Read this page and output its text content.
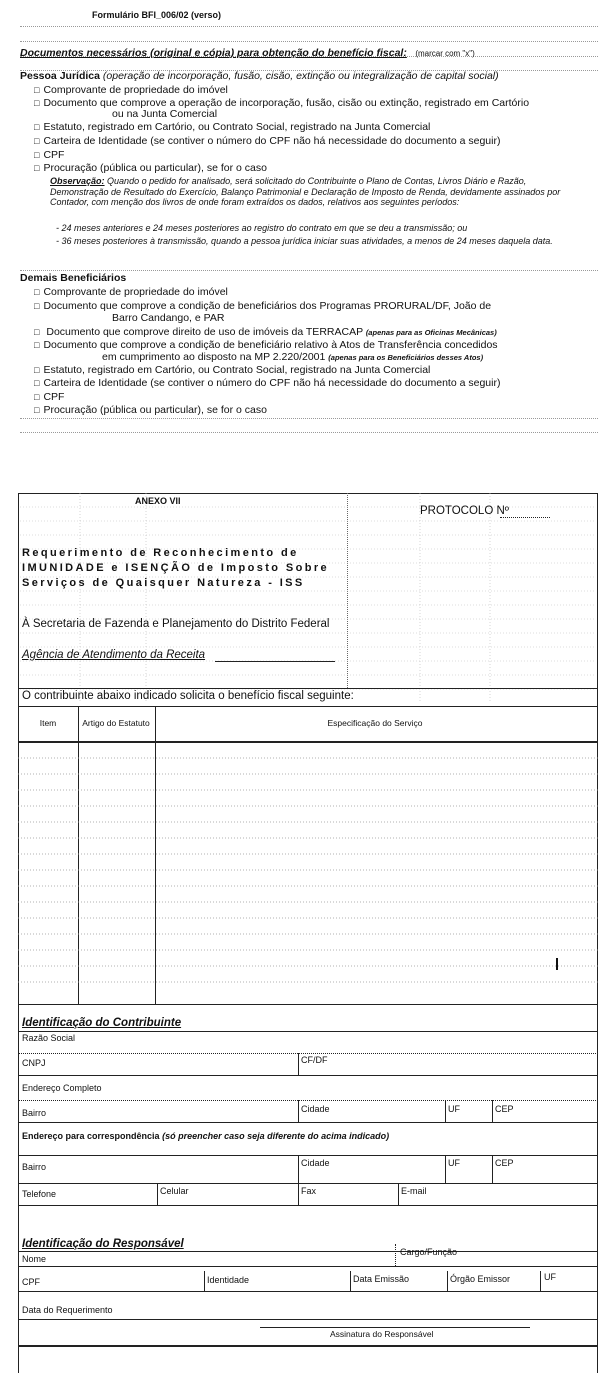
Formulário BFI_006/02 (verso)
Documentos necessários (original e cópia) para obtenção do benefício fiscal: (marcar com "x")
Pessoa Jurídica (operação de incorporação, fusão, cisão, extinção ou integralização de capital social)
□ Comprovante de propriedade do imóvel
□ Documento que comprove a operação de incorporação, fusão, cisão ou extinção, registrado em Cartório
ou na Junta Comercial
□ Estatuto, registrado em Cartório, ou Contrato Social, registrado na Junta Comercial
□ Carteira de Identidade (se contiver o número do CPF não há necessidade do documento a seguir)
□ CPF
□ Procuração (pública ou particular), se for o caso
Observação: Quando o pedido for analisado, será solicitado do Contribuinte o Plano de Contas, Livros Diário e Razão, Demonstração de Resultado do Exercício, Balanço Patrimonial e Declaração de Imposto de Renda, devidamente assinados por Contador, com menção dos livros de onde foram extraídos os dados, relativos aos seguintes períodos:
- 24 meses anteriores e 24 meses posteriores ao registro do contrato em que se deu a transmissão; ou
- 36 meses posteriores à transmissão, quando a pessoa jurídica iniciar suas atividades, a menos de 24 meses daquela data.
Demais Beneficiários
□ Comprovante de propriedade do imóvel
□ Documento que comprove a condição de beneficiários dos Programas PRORURAL/DF, João de
Barro Candango, e PAR
□ Documento que comprove direito de uso de imóveis da TERRACAP (apenas para as Oficinas Mecânicas)
□ Documento que comprove a condição de beneficiário relativo à Atos de Transferência concedidos
em cumprimento ao disposto na MP 2.220/2001 (apenas para os Beneficiários desses Atos)
□ Estatuto, registrado em Cartório, ou Contrato Social, registrado na Junta Comercial
□ Carteira de Identidade (se contiver o número do CPF não há necessidade do documento a seguir)
□ CPF
□ Procuração (pública ou particular), se for o caso
ANEXO VII
PROTOCOLO Nº
Requerimento de Reconhecimento de
IMUNIDADE e ISENÇÃO de Imposto Sobre
Serviços de Quaisquer Natureza - ISS
À Secretaria de Fazenda e Planejamento do Distrito Federal
Agência de Atendimento da Receita
O contribuinte abaixo indicado solicita o benefício fiscal seguinte:
Item	Artigo do Estatuto	Especificação do Serviço
Identificação do Contribuinte
Razão Social
CNPJ	CF/DF
Endereço Completo
Bairro	Cidade	UF	CEP
Endereço para correspondência (só preencher caso seja diferente do acima indicado)
Bairro	Cidade	UF	CEP
Telefone	Celular	Fax	E-mail
Identificação do Responsável
Nome
Cargo/Função
CPF	Identidade	Data Emissão	Órgão Emissor	UF
Data do Requerimento
Assinatura do Responsável
